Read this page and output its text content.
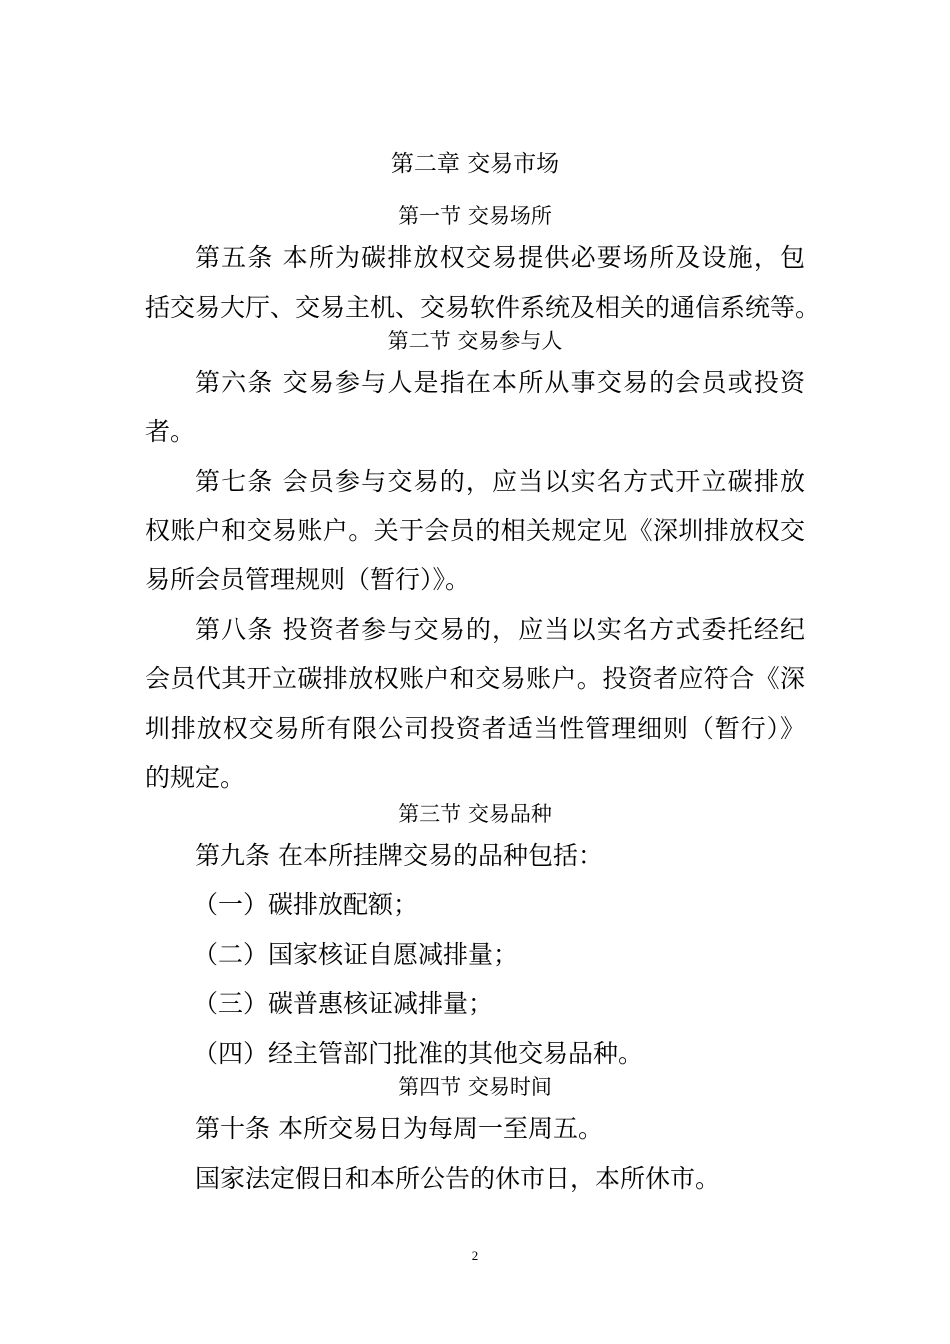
第二章 交易市场
第一节 交易场所

第五条 本所为碳排放权交易提供必要场所及设施，包

括交易大厅、交易主机、交易软件系统及相关的通信系统等。

第二节 交易参与人

第六条 交易参与人是指在本所从事交易的会员或投资

者。

第七条 会员参与交易的，应当以实名方式开立碳排放

权账户和交易账户。关于会员的相关规定见《深圳排放权交

易所会员管理规则（暂行）》。

第八条 投资者参与交易的，应当以实名方式委托经纪

会员代其开立碳排放权账户和交易账户。投资者应符合《深

圳排放权交易所有限公司投资者适当性管理细则（暂行）》

的规定。

第三节 交易品种

第九条 在本所挂牌交易的品种包括：

（一）碳排放配额；

（二）国家核证自愿减排量；

（三）碳普惠核证减排量；

（四）经主管部门批准的其他交易品种。

第四节 交易时间

第十条 本所交易日为每周一至周五。

国家法定假日和本所公告的休市日，本所休市。

2
